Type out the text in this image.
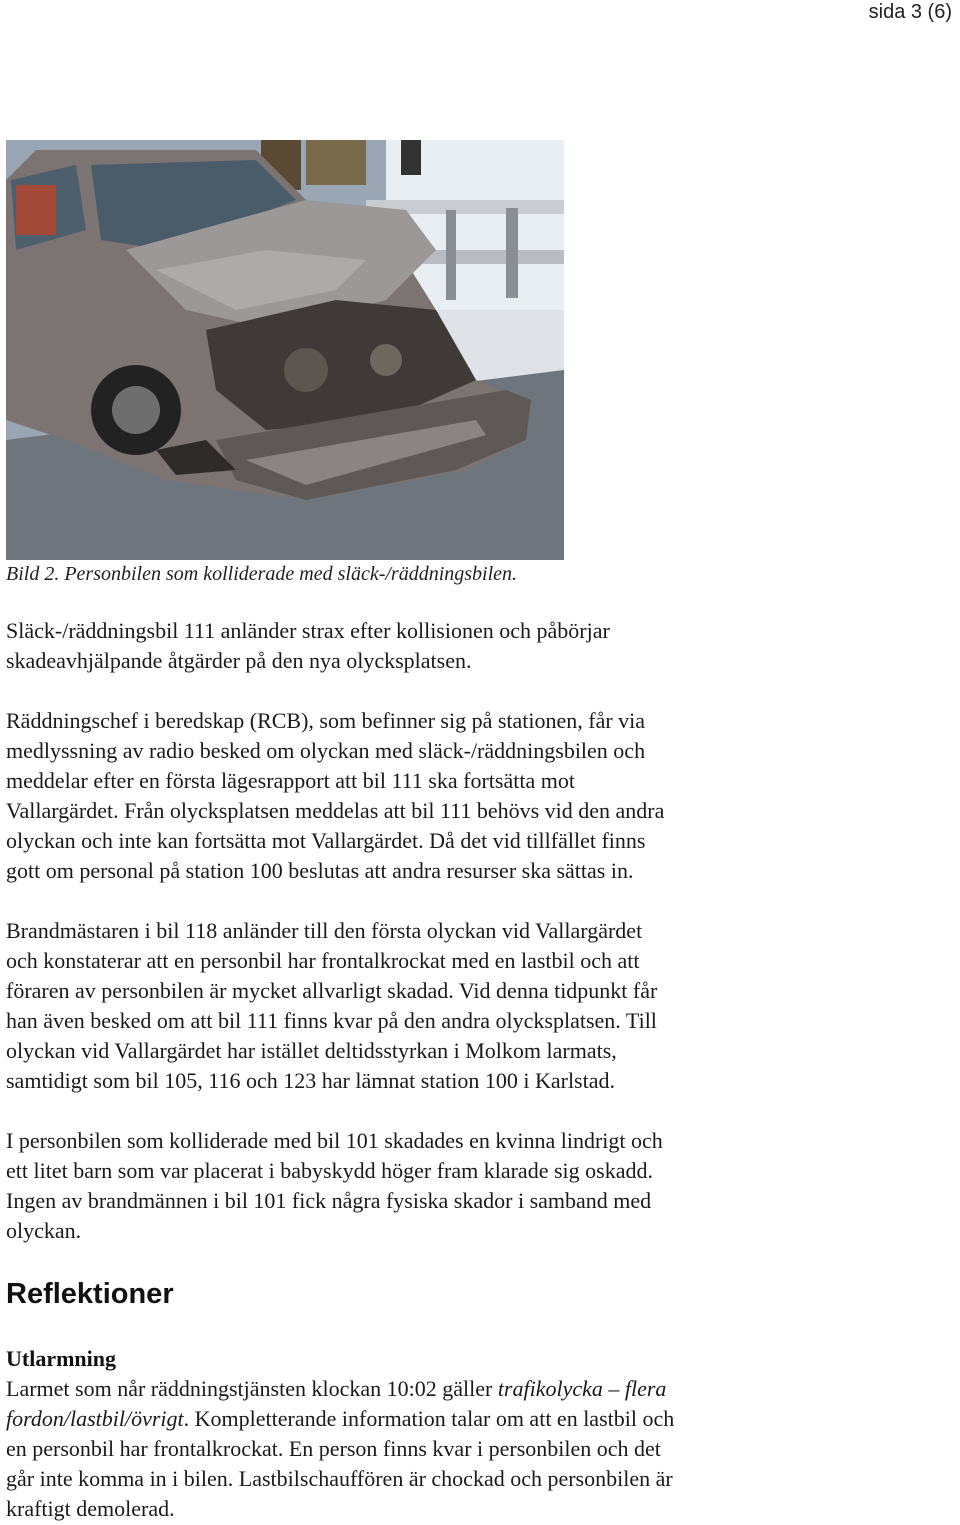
sida 3 (6)
Bild 2. Personbilen som kolliderade med släck-/räddningsbilen.

Släck-/räddningsbil 111 anländer strax efter kollisionen och påbörjar
skadeavhjälpande åtgärder på den nya olycksplatsen.

Räddningschef i beredskap (RCB), som befinner sig på stationen, får via
medlyssning av radio besked om olyckan med släck-/räddningsbilen och
meddelar efter en första lägesrapport att bil 111 ska fortsätta mot
Vallargärdet. Från olycksplatsen meddelas att bil 111 behövs vid den andra
olyckan och inte kan fortsätta mot Vallargärdet. Då det vid tillfället finns
gott om personal på station 100 beslutas att andra resurser ska sättas in.

Brandmästaren i bil 118 anländer till den första olyckan vid Vallargärdet
och konstaterar att en personbil har frontalkrockat med en lastbil och att
föraren av personbilen är mycket allvarligt skadad. Vid denna tidpunkt får
han även besked om att bil 111 finns kvar på den andra olycksplatsen. Till
olyckan vid Vallargärdet har istället deltidsstyrkan i Molkom larmats,
samtidigt som bil 105, 116 och 123 har lämnat station 100 i Karlstad.

I personbilen som kolliderade med bil 101 skadades en kvinna lindrigt och
ett litet barn som var placerat i babyskydd höger fram klarade sig oskadd.
Ingen av brandmännen i bil 101 fick några fysiska skador i samband med
olyckan.

Reflektioner
Utlarmning

Larmet som når räddningstjänsten klockan 10:02 gäller trafikolycka – flera
fordon/lastbil/övrigt. Kompletterande information talar om att en lastbil och
en personbil har frontalkrockat. En person finns kvar i personbilen och det
går inte komma in i bilen. Lastbilschauffören är chockad och personbilen är
kraftigt demolerad.
